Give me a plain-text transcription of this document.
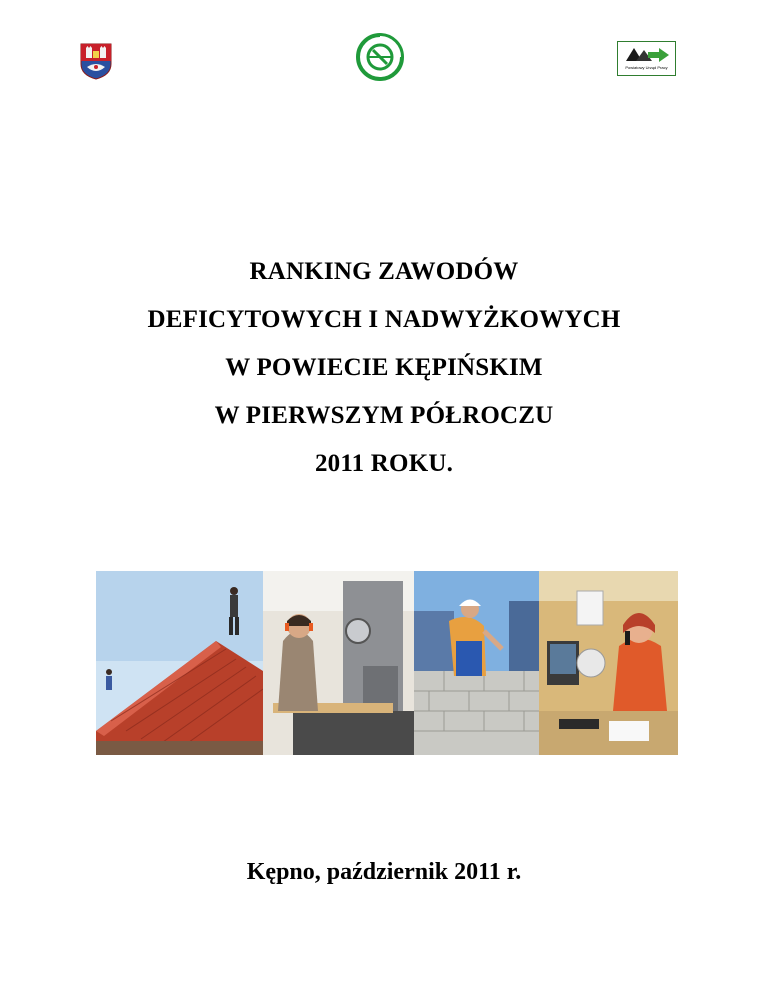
Powiatowy Urząd Pracy
RANKING ZAWODÓW
DEFICYTOWYCH I NADWYŻKOWYCH
W POWIECIE KĘPIŃSKIM
W PIERWSZYM PÓŁROCZU
2011 ROKU.
Kępno, październik 2011 r.
